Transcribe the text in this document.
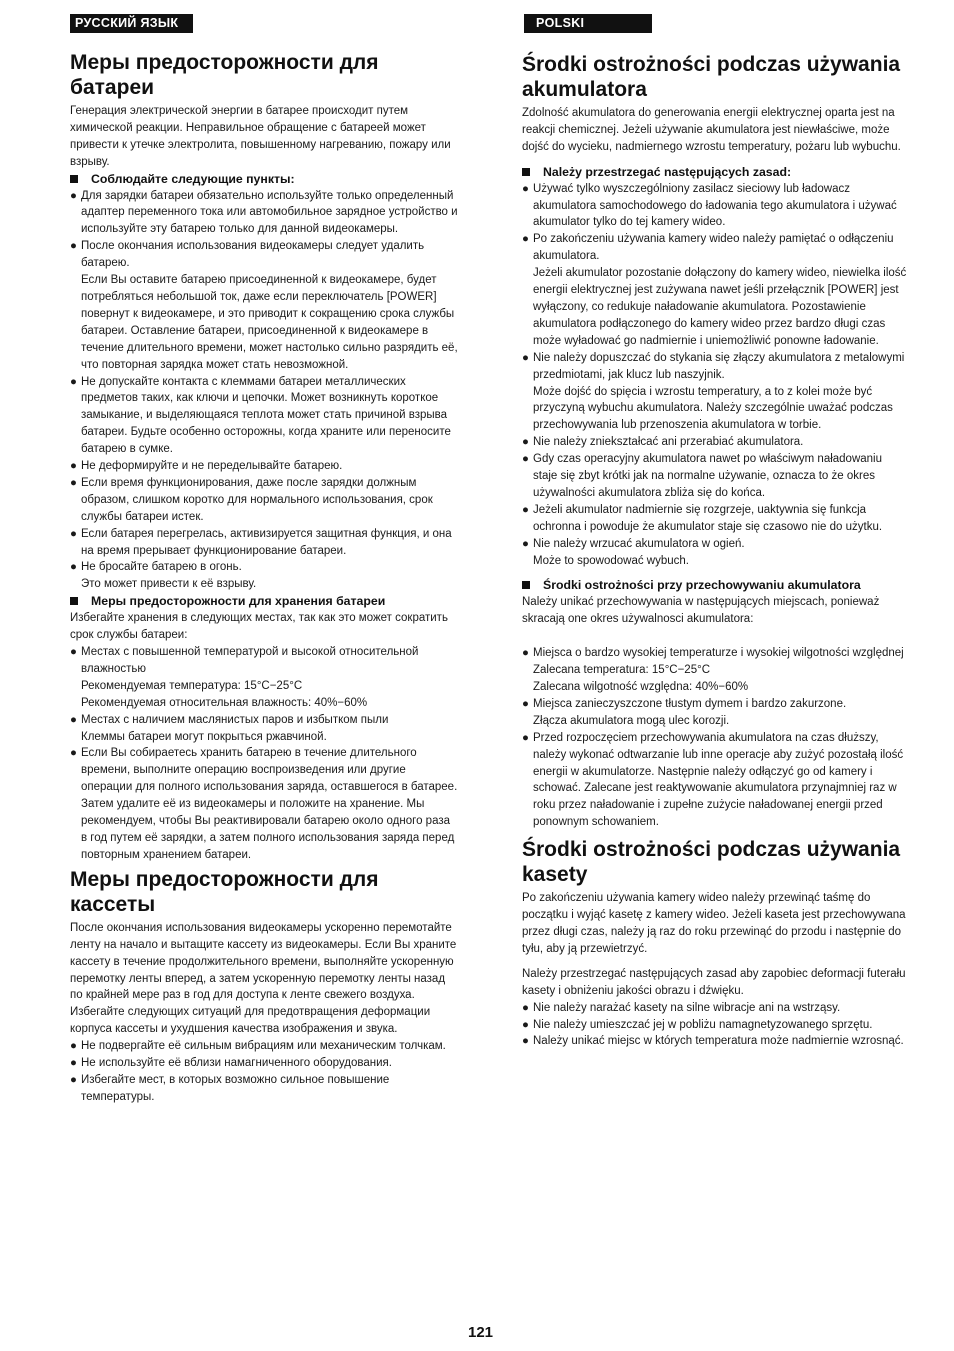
РУССКИЙ ЯЗЫК
Меры предосторожности для батареи
Генерация электрической энергии в батарее происходит путем химической реакции. Неправильное обращение с батареей может привести к утечке электролита, повышенному нагреванию, пожару или взрыву.
Соблюдайте следующие пункты:
● Для зарядки батареи обязательно используйте только определенный адаптер переменного тока или автомобильное зарядное устройство и используйте эту батарею только для данной видеокамеры.
● После окончания использования видеокамеры следует удалить батарею.
Если Вы оставите батарею присоединенной к видеокамере, будет потребляться небольшой ток, даже если переключатель [POWER] повернут к видеокамере, и это приводит к сокращению срока службы батареи. Оставление батареи, присоединенной к видеокамере в течение длительного времени, может настолько сильно разрядить её, что повторная зарядка может стать невозможной.
● Не допускайте контакта с клеммами батареи металлических предметов таких, как ключи и цепочки. Может возникнуть короткое замыкание, и выделяющаяся теплота может стать причиной взрыва батареи. Будьте особенно осторожны, когда храните или переносите батарею в сумке.
● Не деформируйте и не переделывайте батарею.
● Если время функционирования, даже после зарядки должным образом, слишком коротко для нормального использования, срок службы батареи истек.
● Если батарея перегрелась, активизируется защитная функция, и она на время прерывает функционирование батареи.
● Не бросайте батарею в огонь.
Это может привести к её взрыву.
Меры предосторожности для хранения батареи
Избегайте хранения в следующих местах, так как это может сократить срок службы батареи:
● Местах с повышенной температурой и высокой относительной влажностью
Рекомендуемая температура: 15°C−25°C
Рекомендуемая относительная влажность: 40%−60%
● Местах с наличием маслянистых паров и избытком пыли
Клеммы батареи могут покрыться ржавчиной.
● Если Вы собираетесь хранить батарею в течение длительного времени, выполните операцию воспроизведения или другие операции для полного использования заряда, оставшегося в батарее. Затем удалите её из видеокамеры и положите на хранение. Мы рекомендуем, чтобы Вы реактивировали батарею около одного раза в год путем её зарядки, а затем полного использования заряда перед повторным хранением батареи.
Меры предосторожности для кассеты
После окончания использования видеокамеры ускоренно перемотайте ленту на начало и вытащите кассету из видеокамеры. Если Вы храните кассету в течение продолжительного времени, выполняйте ускоренную перемотку ленты вперед, а затем ускоренную перемотку ленты назад по крайней мере раз в год для доступа к ленте свежего воздуха.
Избегайте следующих ситуаций для предотвращения деформации корпуса кассеты и ухудшения качества изображения и звука.
● Не подвергайте её сильным вибрациям или механическим толчкам.
● Не используйте её вблизи намагниченного оборудования.
● Избегайте мест, в которых возможно сильное повышение температуры.
POLSKI
Środki ostrożności podczas używania akumulatora
Zdolność akumulatora do generowania energii elektrycznej oparta jest na reakcji chemicznej. Jeżeli używanie akumulatora jest niewłaściwe, może dojść do wycieku, nadmiernego wzrostu temperatury, pożaru lub wybuchu.
Należy przestrzegać następujących zasad:
● Używać tylko wyszczególniony zasilacz sieciowy lub ładowacz akumulatora samochodowego do ładowania tego akumulatora i używać akumulator tylko do tej kamery wideo.
● Po zakończeniu używania kamery wideo należy pamiętać o odłączeniu akumulatora.
Jeżeli akumulator pozostanie dołączony do kamery wideo, niewielka ilość energii elektrycznej jest zużywana nawet jeśli przełącznik [POWER] jest wyłączony, co redukuje naładowanie akumulatora. Pozostawienie akumulatora podłączonego do kamery wideo przez bardzo długi czas może wyładować go nadmiernie i uniemożliwić ponowne ładowanie.
● Nie należy dopuszczać do stykania się złączy akumulatora z metalowymi przedmiotami, jak klucz lub naszyjnik.
Może dojść do spięcia i wzrostu temperatury, a to z kolei może być przyczyną wybuchu akumulatora. Należy szczególnie uważać podczas przechowywania lub przenoszenia akumulatora w torbie.
● Nie należy zniekształcać ani przerabiać akumulatora.
● Gdy czas operacyjny akumulatora nawet po właściwym naładowaniu staje się zbyt krótki jak na normalne używanie, oznacza to że okres używalności akumulatora zbliża się do końca.
● Jeżeli akumulator nadmiernie się rozgrzeje, uaktywnia się funkcja ochronna i powoduje że akumulator staje się czasowo nie do użytku.
● Nie należy wrzucać akumulatora w ogień.
Może to spowodować wybuch.
Środki ostrożności przy przechowywaniu akumulatora
Należy unikać przechowywania w następujących miejscach, ponieważ skracają one okres używalnosci akumulatora:
● Miejsca o bardzo wysokiej temperaturze i wysokiej wilgotności względnej
Zalecana temperatura: 15°C−25°C
Zalecana wilgotność względna: 40%−60%
● Miejsca zanieczyszczone tłustym dymem i bardzo zakurzone.
Złącza akumulatora mogą ulec korozji.
● Przed rozpoczęciem przechowywania akumulatora na czas dłuższy, należy wykonać odtwarzanie lub inne operacje aby zużyć pozostałą ilość energii w akumulatorze. Następnie należy odłączyć go od kamery i schować. Zalecane jest reaktywowanie akumulatora przynajmniej raz w roku przez naładowanie i zupełne zużycie naładowanej energii przed ponownym schowaniem.
Środki ostrożności podczas używania kasety
Po zakończeniu używania kamery wideo należy przewinąć taśmę do początku i wyjąć kasetę z kamery wideo. Jeżeli kaseta jest przechowywana przez długi czas, należy ją raz do roku przewinąć do przodu i następnie do tyłu, aby ją przewietrzyć.
Należy przestrzegać następujących zasad aby zapobiec deformacji futerału kasety i obniżeniu jakości obrazu i dźwięku.
● Nie należy narażać kasety na silne wibracje ani na wstrząsy.
● Nie należy umieszczać jej w pobliżu namagnetyzowanego sprzętu.
● Należy unikać miejsc w których temperatura może nadmiernie wzrosnąć.
121
